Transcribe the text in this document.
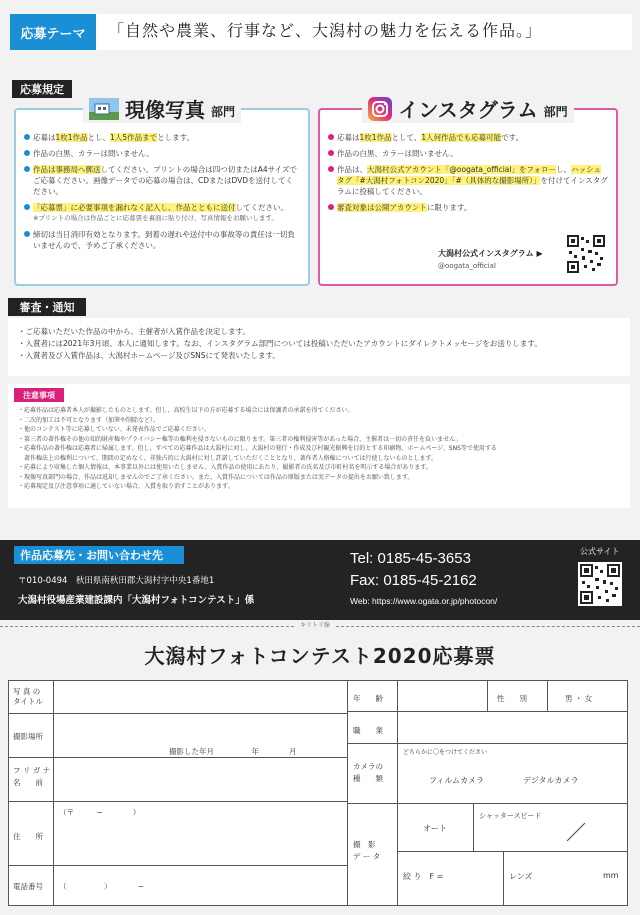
応募テーマ	「自然や農業、行事など、大潟村の魅力を伝える作品。」
応募規定
現像写真 部門
応募は1枚1作品とし、1人5作品までとします。
作品の白黒、カラーは問いません。
作品は事務局へ郵送してください。プリントの場合は四つ切またはA4サイズでご応募ください。画像データでの応募の場合は、CDまたはDVDを送付してください。
「応募票」に必要事項を漏れなく記入し、作品とともに送付してください。
※プリントの場合は作品ごとに応募票を裏面に貼り付け、写真情報をお願いします。
締切は当日消印有効となります。到着の遅れや送付中の事故等の責任は一切負いませんので、予めご了承ください。
インスタグラム 部門
応募は1枚1作品として、1人何作品でも応募可能です。
作品の白黒、カラーは問いません。
作品は、大潟村公式アカウント「@oogata_official」をフォローし、ハッシュタグ「#大潟村フォトコン2020」「#（具体的な撮影場所）」を付けてインスタグラムに投稿してください。
審査対象は公開アカウントに限ります。
大潟村公式インスタグラム ▶
@oogata_official
審査・通知
・ご応募いただいた作品の中から、主催者が入賞作品を決定します。
・入賞者には2021年3月頃、本人に通知します。なお、インスタグラム部門については投稿いただいたアカウントにダイレクトメッセージをお送りします。
・入賞者及び入賞作品は、大潟村ホームページ及びSNSにて発表いたします。
・応募作品は応募者本人が撮影したものとします。但し、高校生以下の方が応募する場合には保護者の承諾を得てください。
・二次的加工は不可となります（加筆や削除など）。
・他のコンテスト等に応募していない、未発表作品でご応募ください。
・第三者の著作権その他の知的財産権やプライバシー権等の権利を侵さないものに限ります。第三者の権利侵害等があった場合、主催者は一切の責任を負いません。
・応募作品の著作権は応募者に帰属します。但し、すべての応募作品は大潟村に対し、大潟村の発行・作成及び村観光振興を目的とする印刷物、ホームページ、SNS等で使用する
　著作権法上の権利について、期間の定めなく、非独占的に大潟村に対し許諾していただくこととなり、著作者人格権については行使しないものとします。
・応募により収集した個人情報は、本事業以外には使用いたしません。入賞作品の使用にあたり、撮影者の氏名及び市町村名を明示する場合があります。
・現像写真部門の場合、作品は返却しませんのでご了承ください。また、入賞作品については作品の原版または実データの提出をお願い致します。
・応募規定及び注意事項に適していない場合、入賞を取り消すことがあります。
注意事項
作品応募先・お問い合わせ先
〒010-0494　秋田県南秋田郡大潟村字中央1番地1
大潟村役場産業建設課内「大潟村フォトコンテスト」係
Tel: 0185-45-3653
Fax: 0185-45-2162
Web: https://www.ogata.or.jp/photocon/
公式サイト
キリトリ線
大潟村フォトコンテスト2020応募票
写 真 の
タイトル
撮影場所
撮影した年月　　　　　年　　　　月
フ リ ガ ナ
名　　前
住　　所
（〒　　　−　　　　）
電話番号 （　　　　　）　　　　−
年　　齢	性　　別	男 ・ 女
職　　業
カメラの
種　　類
どちらかに〇をつけてください
フィルムカメラ	デジタルカメラ
撮　影
デ ー タ
オート
シャッタースピード
絞 り　F =	レンズ	mm
